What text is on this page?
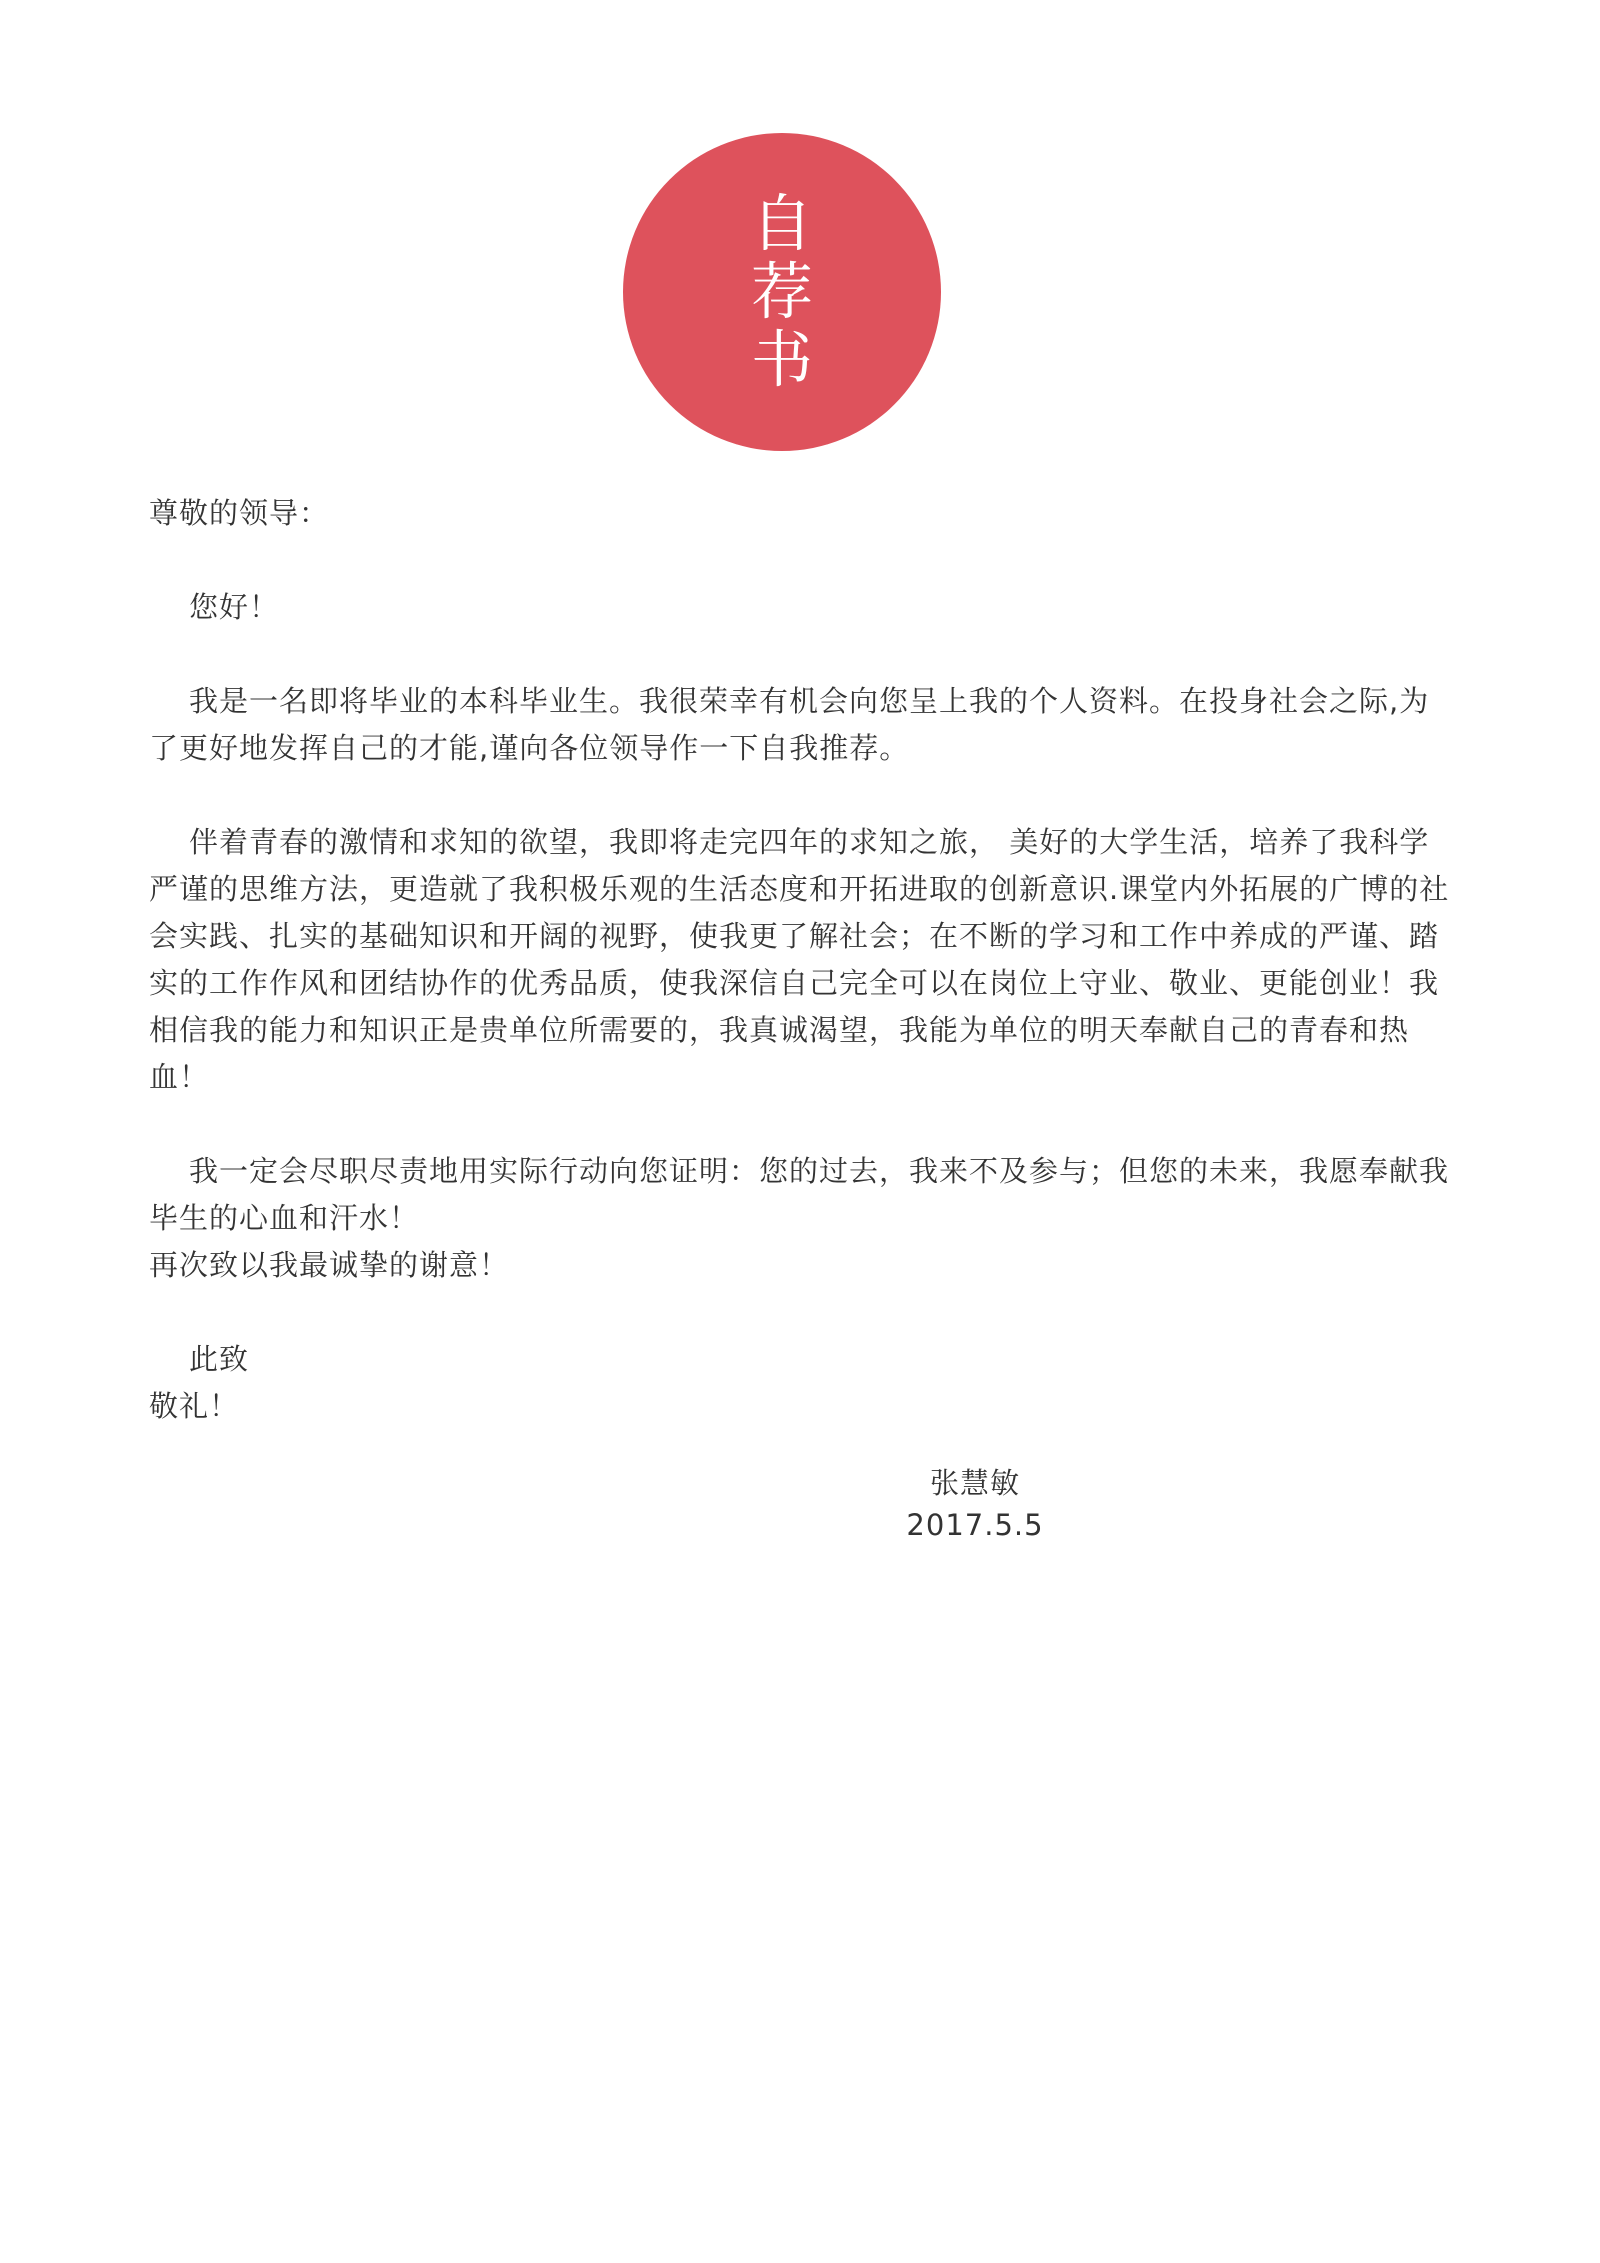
自
荐
书

尊敬的领导：

您好！

我是一名即将毕业的本科毕业生。我很荣幸有机会向您呈上我的个人资料。在投身社会之际,为了更好地发挥自己的才能,谨向各位领导作一下自我推荐。

伴着青春的激情和求知的欲望，我即将走完四年的求知之旅， 美好的大学生活，培养了我科学严谨的思维方法，更造就了我积极乐观的生活态度和开拓进取的创新意识.课堂内外拓展的广博的社会实践、扎实的基础知识和开阔的视野，使我更了解社会；在不断的学习和工作中养成的严谨、踏实的工作作风和团结协作的优秀品质，使我深信自己完全可以在岗位上守业、敬业、更能创业！我相信我的能力和知识正是贵单位所需要的，我真诚渴望，我能为单位的明天奉献自己的青春和热血！

我一定会尽职尽责地用实际行动向您证明：您的过去，我来不及参与；但您的未来，我愿奉献我毕生的心血和汗水！

再次致以我最诚挚的谢意！

此致

敬礼！

张慧敏
2017.5.5
